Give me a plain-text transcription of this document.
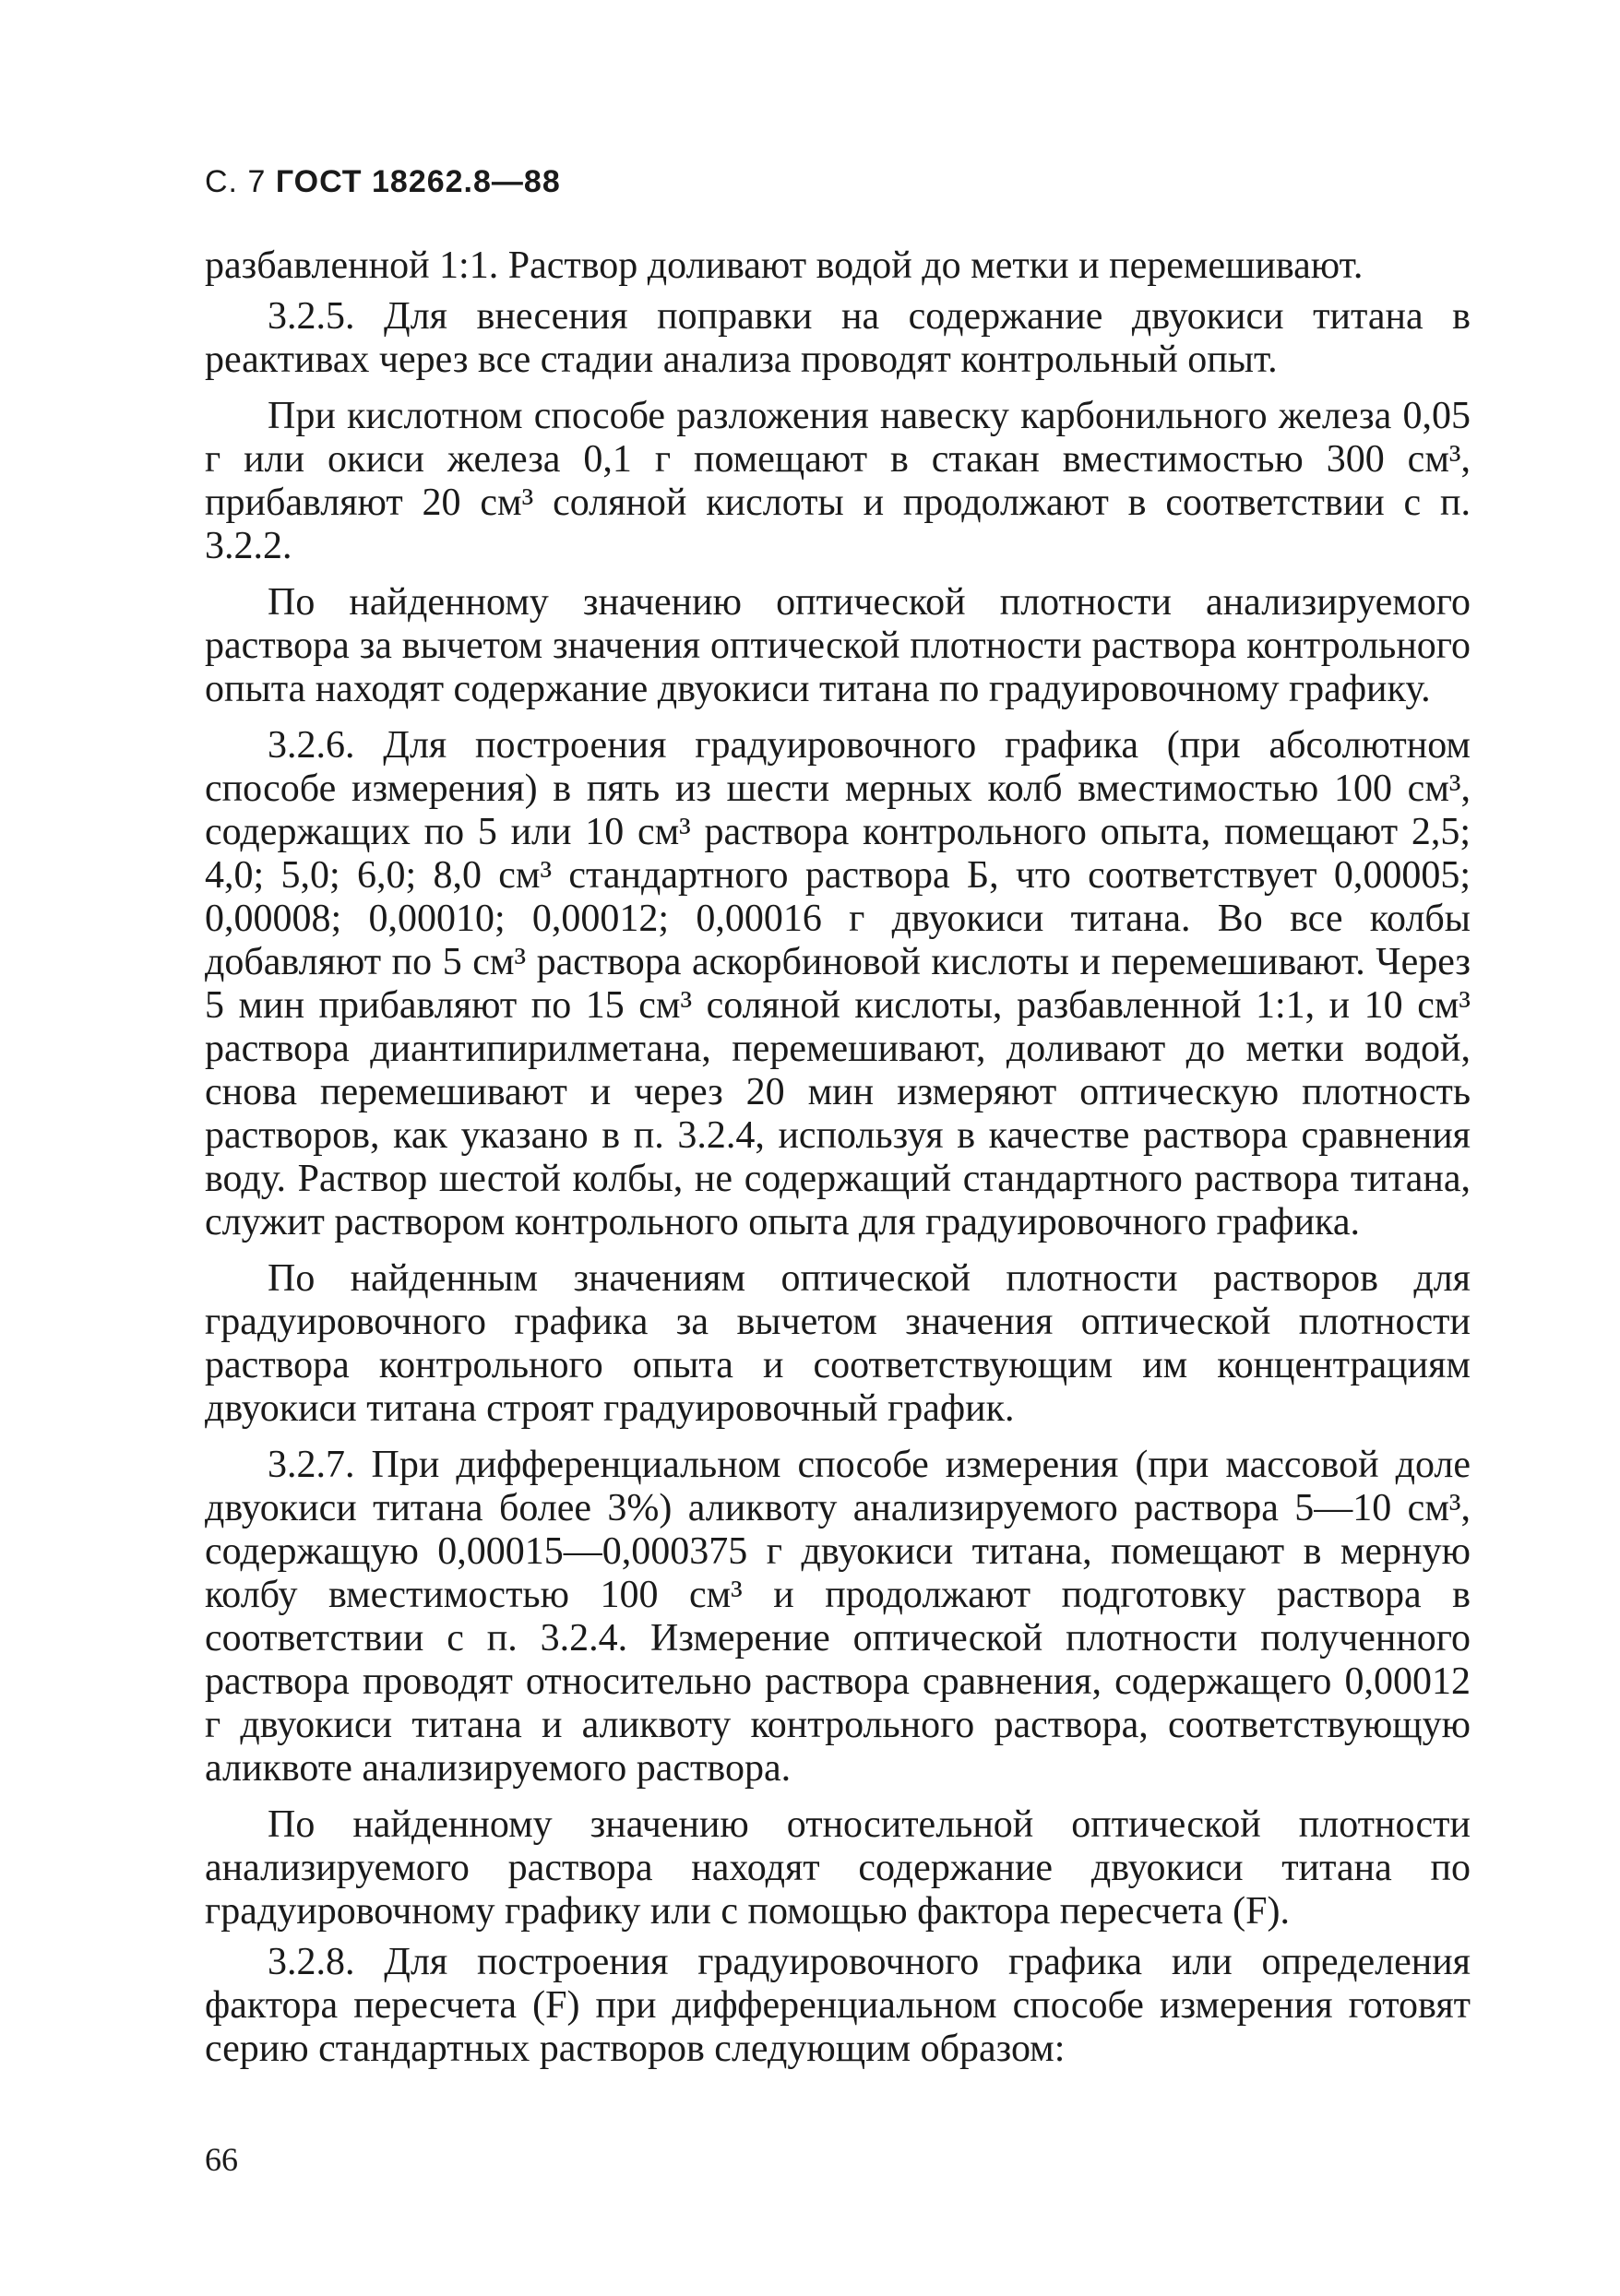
С. 7 ГОСТ 18262.8—88

разбавленной 1:1. Раствор доливают водой до метки и перемешивают.

3.2.5. Для внесения поправки на содержание двуокиси титана в реактивах через все стадии анализа проводят контрольный опыт.

При кислотном способе разложения навеску карбонильного железа 0,05 г или окиси железа 0,1 г помещают в стакан вместимостью 300 см³, прибавляют 20 см³ соляной кислоты и продолжают в соответствии с п. 3.2.2.

По найденному значению оптической плотности анализируемого раствора за вычетом значения оптической плотности раствора контрольного опыта находят содержание двуокиси титана по градуировочному графику.

3.2.6. Для построения градуировочного графика (при абсолютном способе измерения) в пять из шести мерных колб вместимостью 100 см³, содержащих по 5 или 10 см³ раствора контрольного опыта, помещают 2,5; 4,0; 5,0; 6,0; 8,0 см³ стандартного раствора Б, что соответствует 0,00005; 0,00008; 0,00010; 0,00012; 0,00016 г двуокиси титана. Во все колбы добавляют по 5 см³ раствора аскорбиновой кислоты и перемешивают. Через 5 мин прибавляют по 15 см³ соляной кислоты, разбавленной 1:1, и 10 см³ раствора диантипирилметана, перемешивают, доливают до метки водой, снова перемешивают и через 20 мин измеряют оптическую плотность растворов, как указано в п. 3.2.4, используя в качестве раствора сравнения воду. Раствор шестой колбы, не содержащий стандартного раствора титана, служит раствором контрольного опыта для градуировочного графика.

По найденным значениям оптической плотности растворов для градуировочного графика за вычетом значения оптической плотности раствора контрольного опыта и соответствующим им концентрациям двуокиси титана строят градуировочный график.

3.2.7. При дифференциальном способе измерения (при массовой доле двуокиси титана более 3%) аликвоту анализируемого раствора 5—10 см³, содержащую 0,00015—0,000375 г двуокиси титана, помещают в мерную колбу вместимостью 100 см³ и продолжают подготовку раствора в соответствии с п. 3.2.4. Измерение оптической плотности полученного раствора проводят относительно раствора сравнения, содержащего 0,00012 г двуокиси титана и аликвоту контрольного раствора, соответствующую аликвоте анализируемого раствора.

По найденному значению относительной оптической плотности анализируемого раствора находят содержание двуокиси титана по градуировочному графику или с помощью фактора пересчета (F).

3.2.8. Для построения градуировочного графика или определения фактора пересчета (F) при дифференциальном способе измерения готовят серию стандартных растворов следующим образом:

66
